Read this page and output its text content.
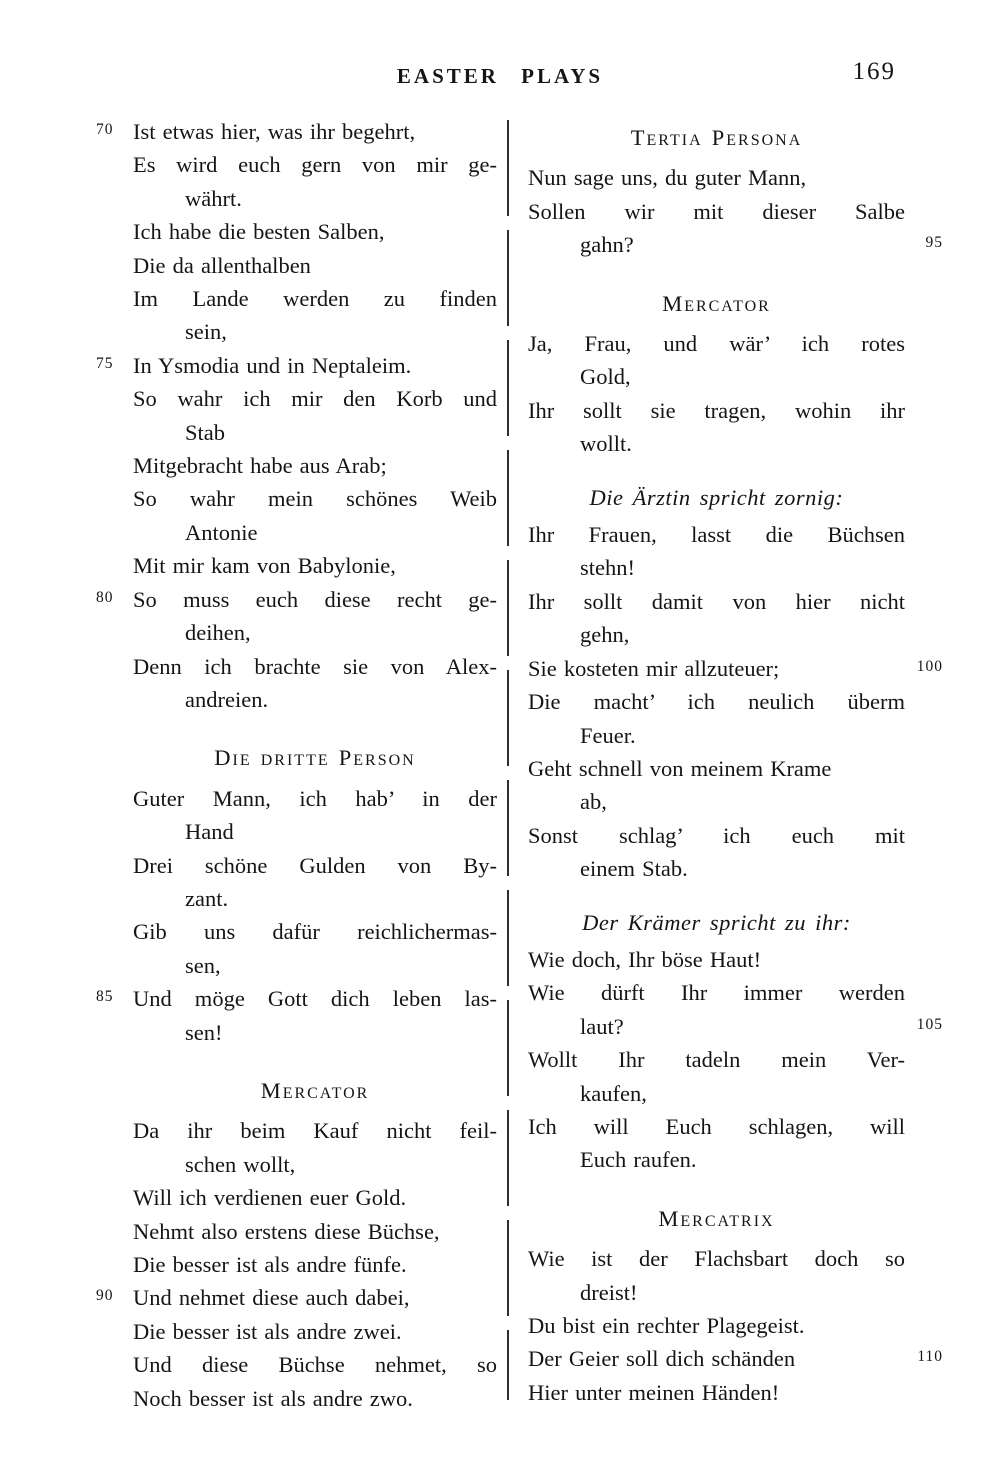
EASTER PLAYS	169
Ist etwas hier, was ihr begehrt,
70
Es wird euch gern von mir ge-
währt.
Ich habe die besten Salben,
Die da allenthalben
Im Lande werden zu finden
sein,
In Ysmodia und in Neptaleim.
75
So wahr ich mir den Korb und
Stab
Mitgebracht habe aus Arab;
So wahr mein schönes Weib
Antonie
Mit mir kam von Babylonie,
So muss euch diese recht ge-
80
deihen,
Denn ich brachte sie von Alex-
andreien.
Die dritte Person
Guter Mann, ich hab’ in der
Hand
Drei schöne Gulden von By-
zant.
Gib uns dafür reichlichermas-
sen,
Und möge Gott dich leben las-
85
sen!
Mercator
Da ihr beim Kauf nicht feil-
schen wollt,
Will ich verdienen euer Gold.
Nehmt also erstens diese Büchse,
Die besser ist als andre fünfe.
Und nehmet diese auch dabei,
90
Die besser ist als andre zwei.
Und diese Büchse nehmet, so
Noch besser ist als andre zwo.
Tertia Persona
Nun sage uns, du guter Mann,
Sollen wir mit dieser Salbe
gahn?	95
Mercator
Ja, Frau, und wär’ ich rotes
Gold,
Ihr sollt sie tragen, wohin ihr
wollt.
Die Ärztin spricht zornig:
Ihr Frauen, lasst die Büchsen
stehn!
Ihr sollt damit von hier nicht
gehn,
Sie kosteten mir allzuteuer;	100
Die macht’ ich neulich überm
Feuer.
Geht schnell von meinem Krame
ab,
Sonst schlag’ ich euch mit
einem Stab.
Der Krämer spricht zu ihr:
Wie doch, Ihr böse Haut!
Wie dürft Ihr immer werden
laut?	105
Wollt Ihr tadeln mein Ver-
kaufen,
Ich will Euch schlagen, will
Euch raufen.
Mercatrix
Wie ist der Flachsbart doch so
dreist!
Du bist ein rechter Plagegeist.
Der Geier soll dich schänden	110
Hier unter meinen Händen!
